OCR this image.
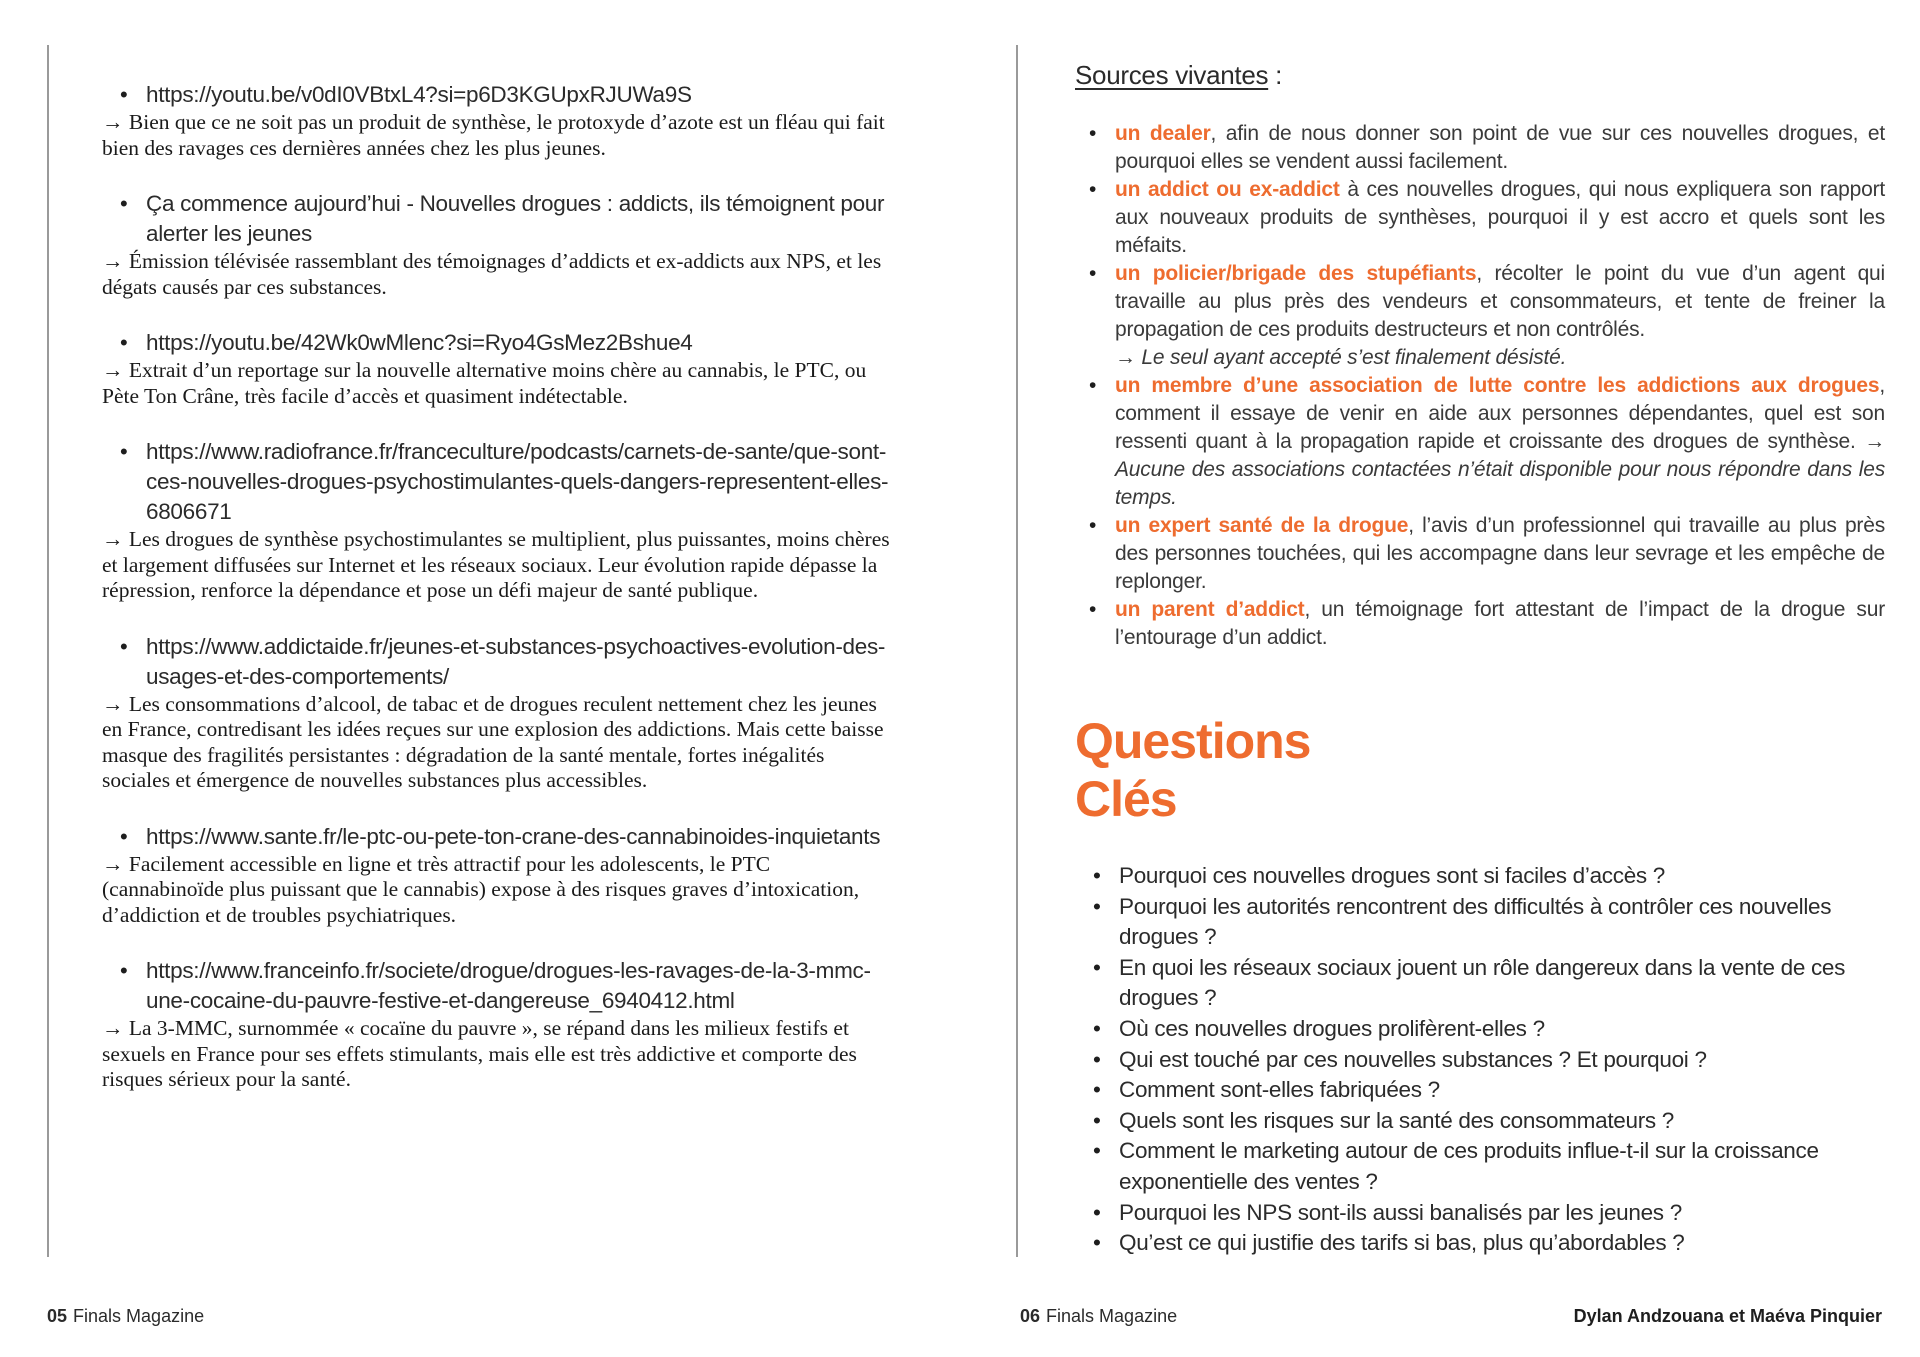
• https://youtu.be/v0dI0VBtxL4?si=p6D3KGUpxRJUWa9S

→ Bien que ce ne soit pas un produit de synthèse, le protoxyde d’azote est un fléau qui fait bien des ravages ces dernières années chez les plus jeunes.

• Ça commence aujourd’hui - Nouvelles drogues : addicts, ils témoignent pour alerter les jeunes

→ Émission télévisée rassemblant des témoignages d’addicts et ex-addicts aux NPS, et les dégats causés par ces substances.

• https://youtu.be/42Wk0wMlenc?si=Ryo4GsMez2Bshue4

→ Extrait d’un reportage sur la nouvelle alternative moins chère au cannabis, le PTC, ou Pète Ton Crâne, très facile d’accès et quasiment indétectable.

• https://www.radiofrance.fr/franceculture/podcasts/carnets-de-sante/que-sont-ces-nouvelles-drogues-psychostimulantes-quels-dangers-representent-elles-6806671

→ Les drogues de synthèse psychostimulantes se multiplient, plus puissantes, moins chères et largement diffusées sur Internet et les réseaux sociaux. Leur évolution rapide dépasse la répression, renforce la dépendance et pose un défi majeur de santé publique.

• https://www.addictaide.fr/jeunes-et-substances-psychoactives-evolution-des-usages-et-des-comportements/

→ Les consommations d’alcool, de tabac et de drogues reculent nettement chez les jeunes en France, contredisant les idées reçues sur une explosion des addictions. Mais cette baisse masque des fragilités persistantes : dégradation de la santé mentale, fortes inégalités sociales et émergence de nouvelles substances plus accessibles.

• https://www.sante.fr/le-ptc-ou-pete-ton-crane-des-cannabinoides-inquietants

→ Facilement accessible en ligne et très attractif pour les adolescents, le PTC (cannabinoïde plus puissant que le cannabis) expose à des risques graves d’intoxication, d’addiction et de troubles psychiatriques.

• https://www.franceinfo.fr/societe/drogue/drogues-les-ravages-de-la-3-mmc-une-cocaine-du-pauvre-festive-et-dangereuse_6940412.html

→ La 3-MMC, surnommée « cocaïne du pauvre », se répand dans les milieux festifs et sexuels en France pour ses effets stimulants, mais elle est très addictive et comporte des risques sérieux pour la santé.

05 Finals Magazine
Sources vivantes :
• un dealer, afin de nous donner son point de vue sur ces nouvelles drogues, et pourquoi elles se vendent aussi facilement.
• un addict ou ex-addict à ces nouvelles drogues, qui nous expliquera son rapport aux nouveaux produits de synthèses, pourquoi il y est accro et quels sont les méfaits.
• un policier/brigade des stupéfiants, récolter le point du vue d’un agent qui travaille au plus près des vendeurs et consommateurs, et tente de freiner la propagation de ces produits destructeurs et non contrôlés.
→ Le seul ayant accepté s’est finalement désisté.
• un membre d’une association de lutte contre les addictions aux drogues, comment il essaye de venir en aide aux personnes dépendantes, quel est son ressenti quant à la propagation rapide et croissante des drogues de synthèse. → Aucune des associations contactées n’était disponible pour nous répondre dans les temps.
• un expert santé de la drogue, l’avis d’un professionnel qui travaille au plus près des personnes touchées, qui les accompagne dans leur sevrage et les empêche de replonger.
• un parent d’addict, un témoignage fort attestant de l’impact de la drogue sur l’entourage d’un addict.
Questions
Clés
• Pourquoi ces nouvelles drogues sont si faciles d’accès ?
• Pourquoi les autorités rencontrent des difficultés à contrôler ces nouvelles drogues ?
• En quoi les réseaux sociaux jouent un rôle dangereux dans la vente de ces drogues ?
• Où ces nouvelles drogues prolifèrent-elles ?
• Qui est touché par ces nouvelles substances ? Et pourquoi ?
• Comment sont-elles fabriquées ?
• Quels sont les risques sur la santé des consommateurs ?
• Comment le marketing autour de ces produits influe-t-il sur la croissance exponentielle des ventes ?
• Pourquoi les NPS sont-ils aussi banalisés par les jeunes ?
• Qu’est ce qui justifie des tarifs si bas, plus qu’abordables ?
06 Finals Magazine	Dylan Andzouana et Maéva Pinquier
